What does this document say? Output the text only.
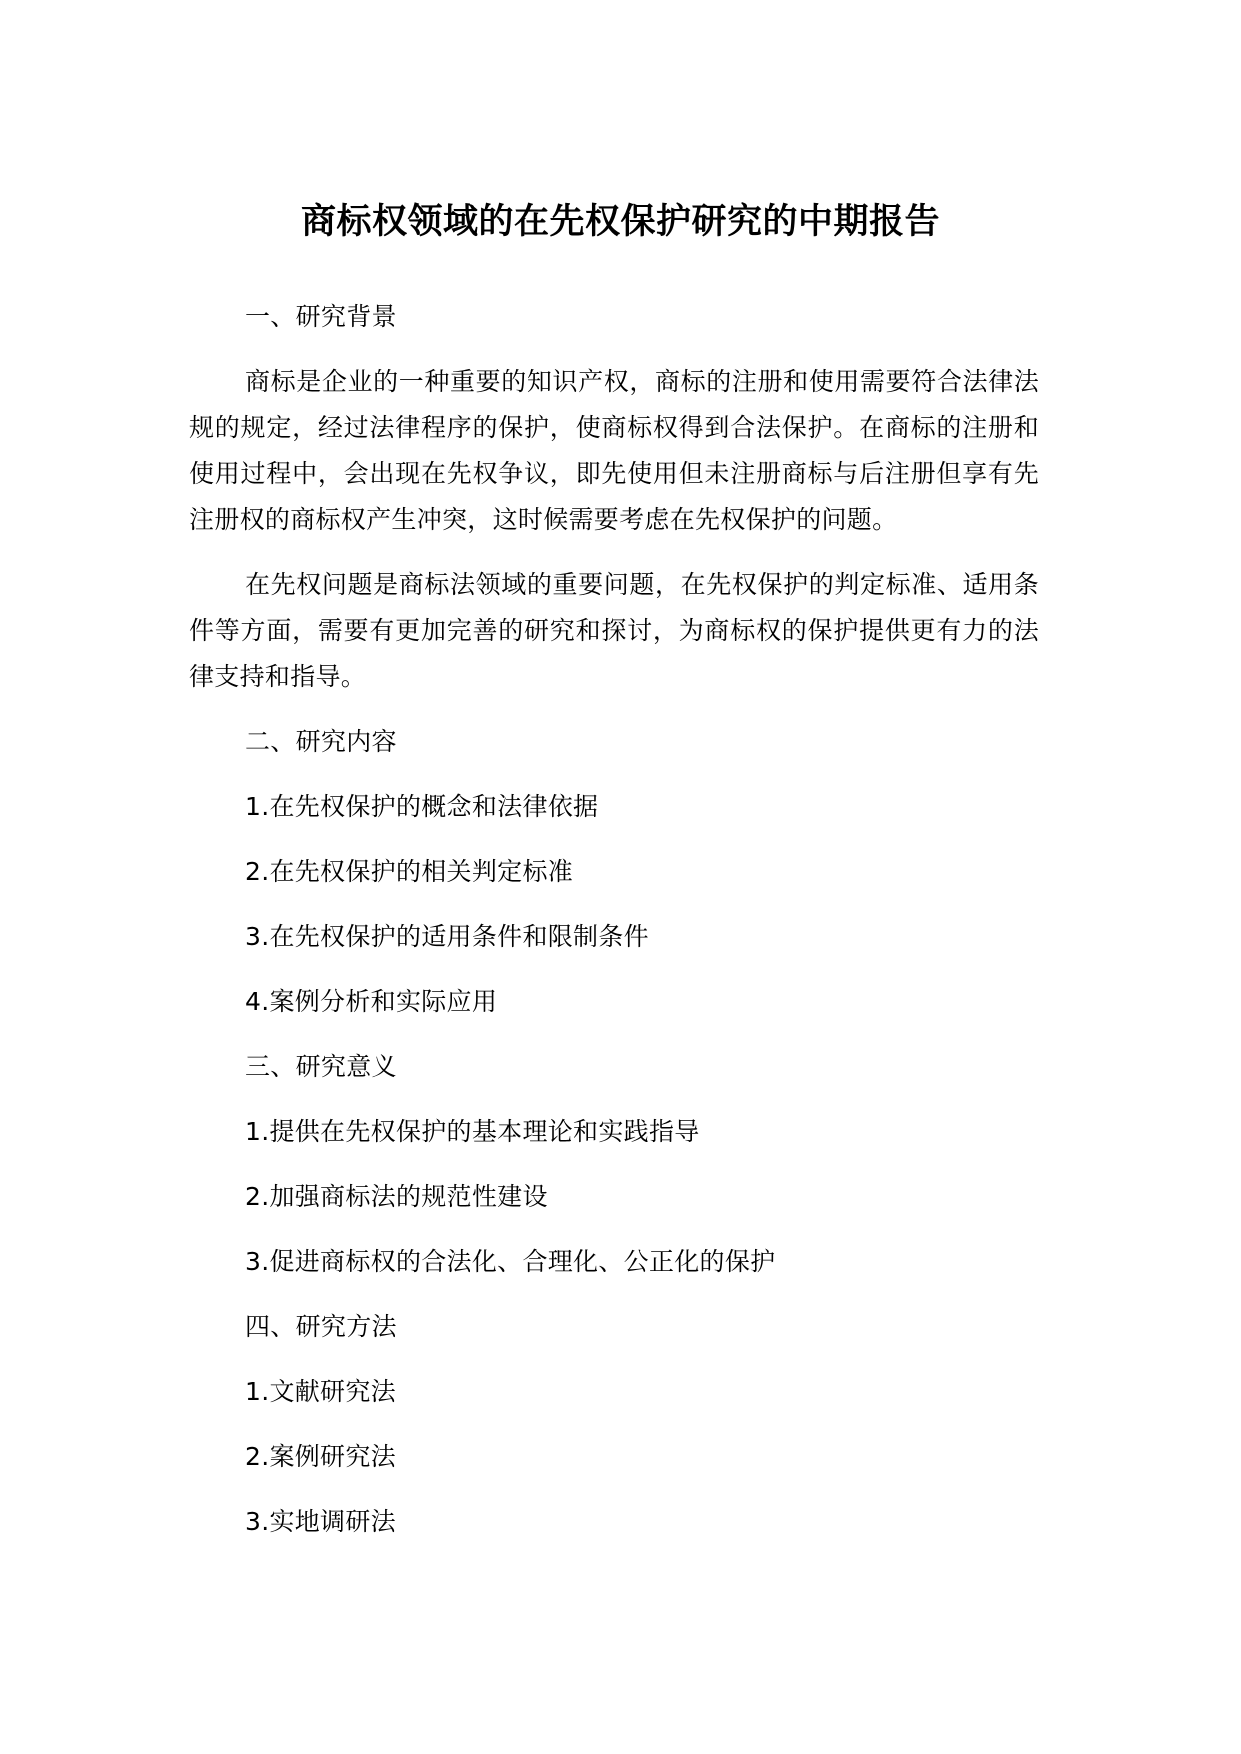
商标权领域的在先权保护研究的中期报告

一、研究背景

商标是企业的一种重要的知识产权，商标的注册和使用需要符合法律法规的规定，经过法律程序的保护，使商标权得到合法保护。在商标的注册和使用过程中，会出现在先权争议，即先使用但未注册商标与后注册但享有先注册权的商标权产生冲突，这时候需要考虑在先权保护的问题。

在先权问题是商标法领域的重要问题，在先权保护的判定标准、适用条件等方面，需要有更加完善的研究和探讨，为商标权的保护提供更有力的法律支持和指导。

二、研究内容

1.在先权保护的概念和法律依据

2.在先权保护的相关判定标准

3.在先权保护的适用条件和限制条件

4.案例分析和实际应用

三、研究意义

1.提供在先权保护的基本理论和实践指导

2.加强商标法的规范性建设

3.促进商标权的合法化、合理化、公正化的保护

四、研究方法

1.文献研究法

2.案例研究法

3.实地调研法
